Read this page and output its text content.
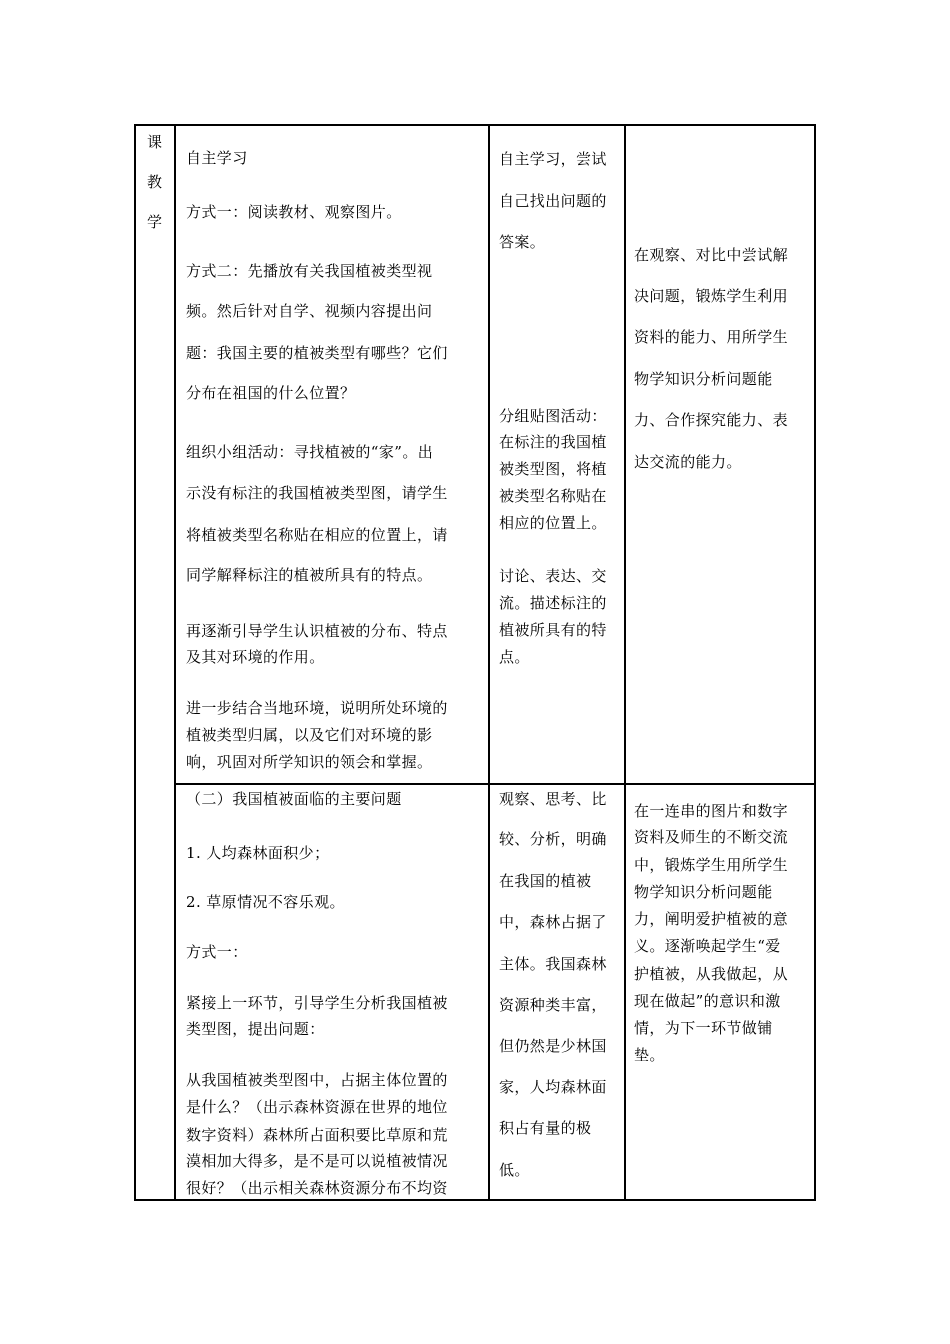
课
教
学
自主学习
方式一：阅读教材、观察图片。
方式二：先播放有关我国植被类型视
频。然后针对自学、视频内容提出问
题：我国主要的植被类型有哪些？它们
分布在祖国的什么位置？
组织小组活动：寻找植被的“家”。出
示没有标注的我国植被类型图，请学生
将植被类型名称贴在相应的位置上，请
同学解释标注的植被所具有的特点。
再逐渐引导学生认识植被的分布、特点
及其对环境的作用。
进一步结合当地环境，说明所处环境的
植被类型归属，以及它们对环境的影
响，巩固对所学知识的领会和掌握。
自主学习，尝试
自己找出问题的
答案。
分组贴图活动：
在标注的我国植
被类型图，将植
被类型名称贴在
相应的位置上。
讨论、表达、交
流。描述标注的
植被所具有的特
点。
在观察、对比中尝试解
决问题，锻炼学生利用
资料的能力、用所学生
物学知识分析问题能
力、合作探究能力、表
达交流的能力。
（二）我国植被面临的主要问题
1. 人均森林面积少；
2. 草原情况不容乐观。
方式一：
紧接上一环节，引导学生分析我国植被
类型图，提出问题：
从我国植被类型图中，占据主体位置的
是什么？（出示森林资源在世界的地位
数字资料）森林所占面积要比草原和荒
漠相加大得多，是不是可以说植被情况
很好？（出示相关森林资源分布不均资
观察、思考、比
较、分析，明确
在我国的植被
中，森林占据了
主体。我国森林
资源种类丰富，
但仍然是少林国
家，人均森林面
积占有量的极
低。
在一连串的图片和数字
资料及师生的不断交流
中，锻炼学生用所学生
物学知识分析问题能
力，阐明爱护植被的意
义。逐渐唤起学生“爱
护植被，从我做起，从
现在做起”的意识和激
情，为下一环节做铺
垫。
